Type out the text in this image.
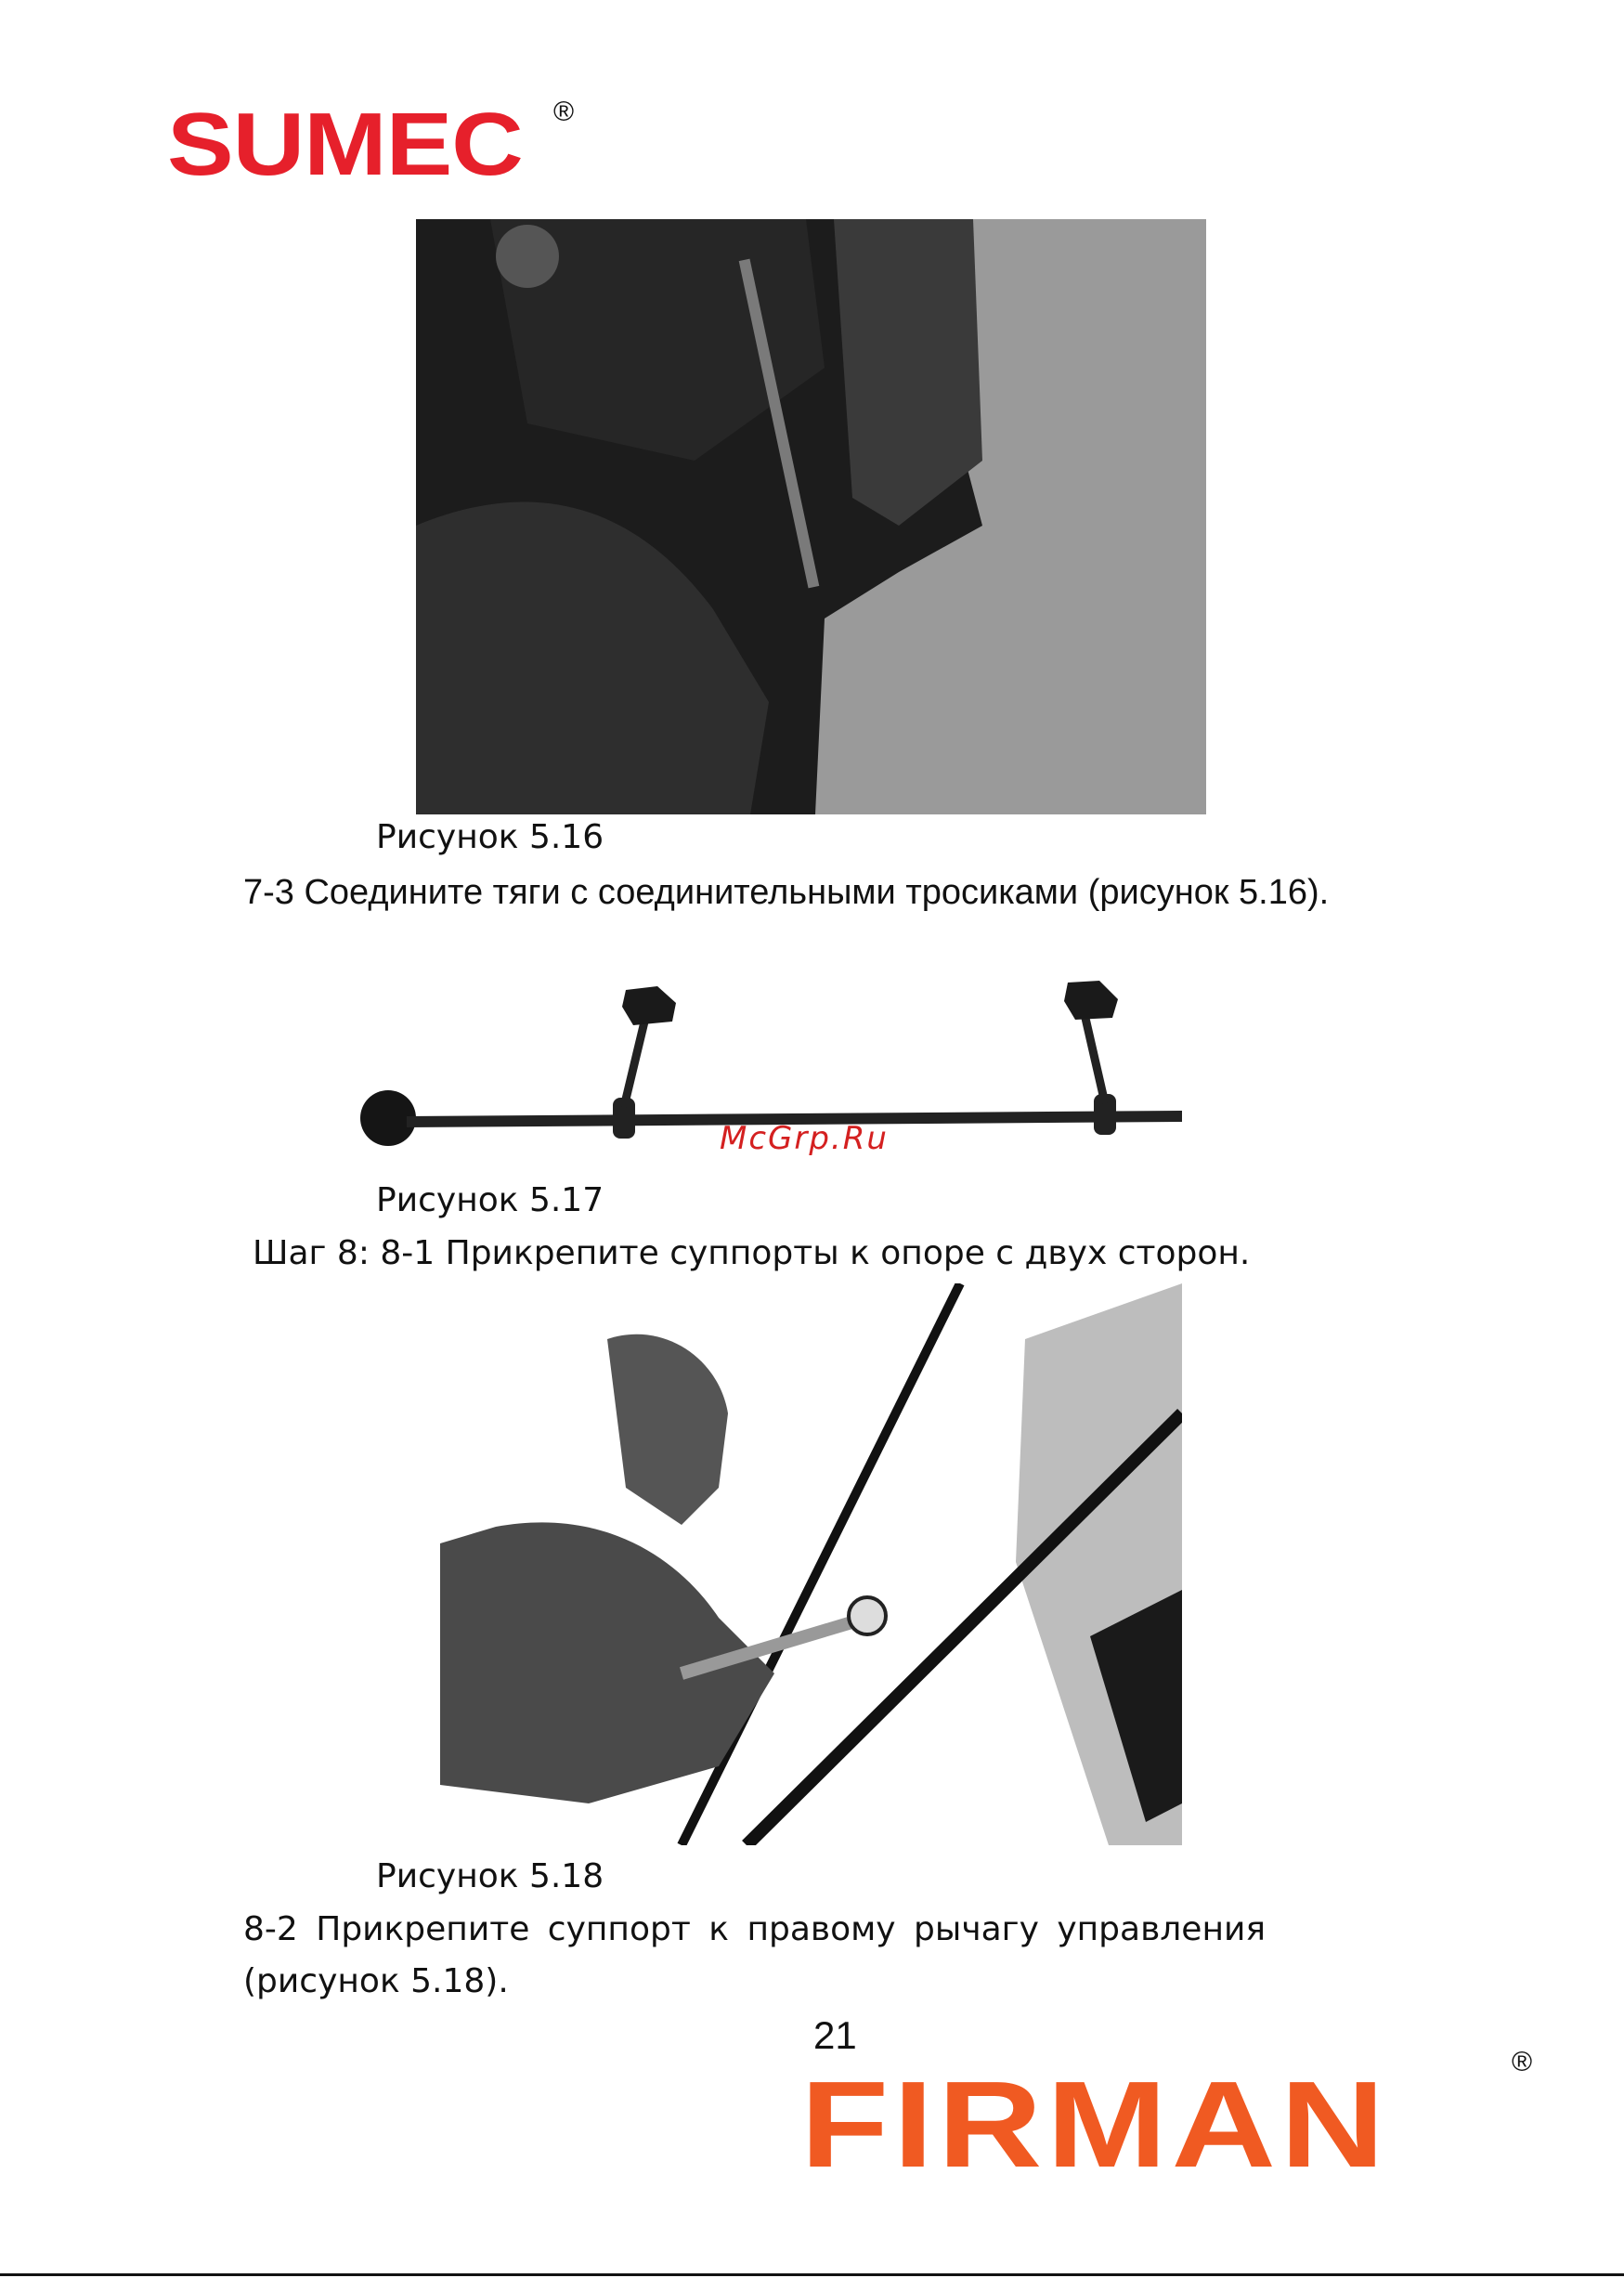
SUMEC ®
Рисунок 5.16
7-3 Соедините тяги с соединительными тросиками (рисунок 5.16).
McGrp.Ru
Рисунок 5.17
Шаг 8: 8-1 Прикрепите суппорты к опоре с двух сторон.
Рисунок 5.18
8-2 Прикрепите суппорт к правому рычагу управления
(рисунок 5.18).
21
FIRMAN	®
